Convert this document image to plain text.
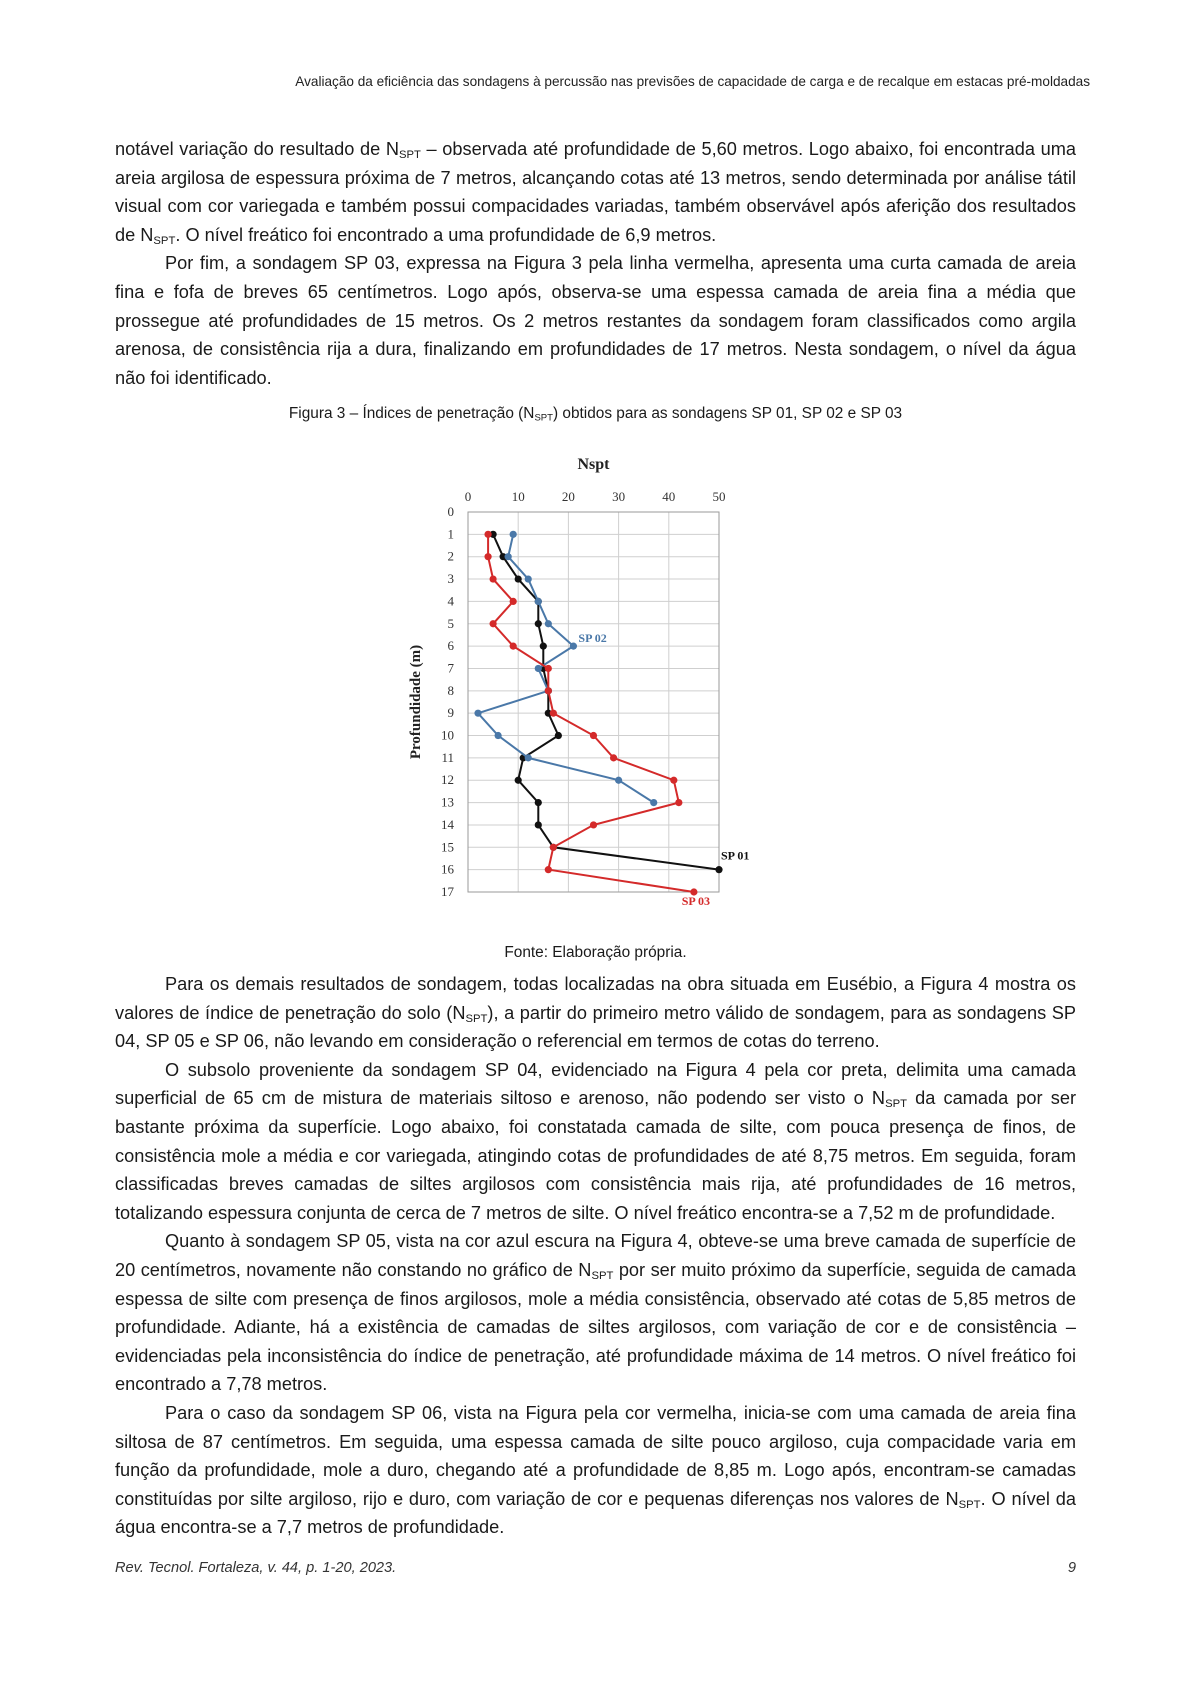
Avaliação da eficiência das sondagens à percussão nas previsões de capacidade de carga e de recalque em estacas pré-moldadas

notável variação do resultado de $N_{SPT}$ – observada até profundidade de 5,60 metros. Logo abaixo, foi encontrada uma areia argilosa de espessura próxima de 7 metros, alcançando cotas até 13 metros, sendo determinada por análise tátil visual com cor variegada e também possui compacidades variadas, também observável após aferição dos resultados de $N_{SPT}$. O nível freático foi encontrado a uma profundidade de 6,9 metros.

Por fim, a sondagem SP 03, expressa na Figura 3 pela linha vermelha, apresenta uma curta camada de areia fina e fofa de breves 65 centímetros. Logo após, observa-se uma espessa camada de areia fina a média que prossegue até profundidades de 15 metros. Os 2 metros restantes da sondagem foram classificados como argila arenosa, de consistência rija a dura, finalizando em profundidades de 17 metros. Nesta sondagem, o nível da água não foi identificado.

Figura 3 – Índices de penetração $(N_{SPT})$ obtidos para as sondagens SP 01, SP 02 e SP 03
Nspt
0	10	20	30	40	50
0
1
2
3
4
5
6
7
8
9
10
11
12
13
14
15
16
17
Profundidade (m)
SP 02
SP 01
SP 03
Fonte: Elaboração própria.

Para os demais resultados de sondagem, todas localizadas na obra situada em Eusébio, a Figura 4 mostra os valores de índice de penetração do solo $(N_{SPT})$, a partir do primeiro metro válido de sondagem, para as sondagens SP 04, SP 05 e SP 06, não levando em consideração o referencial em termos de cotas do terreno.

O subsolo proveniente da sondagem SP 04, evidenciado na Figura 4 pela cor preta, delimita uma camada superficial de 65 cm de mistura de materiais siltoso e arenoso, não podendo ser visto o $N_{SPT}$ da camada por ser bastante próxima da superfície. Logo abaixo, foi constatada camada de silte, com pouca presença de finos, de consistência mole a média e cor variegada, atingindo cotas de profundidades de até 8,75 metros. Em seguida, foram classificadas breves camadas de siltes argilosos com consistência mais rija, até profundidades de 16 metros, totalizando espessura conjunta de cerca de 7 metros de silte. O nível freático encontra-se a 7,52 m de profundidade.

Quanto à sondagem SP 05, vista na cor azul escura na Figura 4, obteve-se uma breve camada de superfície de 20 centímetros, novamente não constando no gráfico de $N_{SPT}$ por ser muito próximo da superfície, seguida de camada espessa de silte com presença de finos argilosos, mole a média consistência, observado até cotas de 5,85 metros de profundidade. Adiante, há a existência de camadas de siltes argilosos, com variação de cor e de consistência – evidenciadas pela inconsistência do índice de penetração, até profundidade máxima de 14 metros. O nível freático foi encontrado a 7,78 metros.

Para o caso da sondagem SP 06, vista na Figura pela cor vermelha, inicia-se com uma camada de areia fina siltosa de 87 centímetros. Em seguida, uma espessa camada de silte pouco argiloso, cuja compacidade varia em função da profundidade, mole a duro, chegando até a profundidade de 8,85 m. Logo após, encontram-se camadas constituídas por silte argiloso, rijo e duro, com variação de cor e pequenas diferenças nos valores de $N_{SPT}$. O nível da água encontra-se a 7,7 metros de profundidade.

Rev. Tecnol. Fortaleza, v. 44, p. 1-20, 2023.	9
